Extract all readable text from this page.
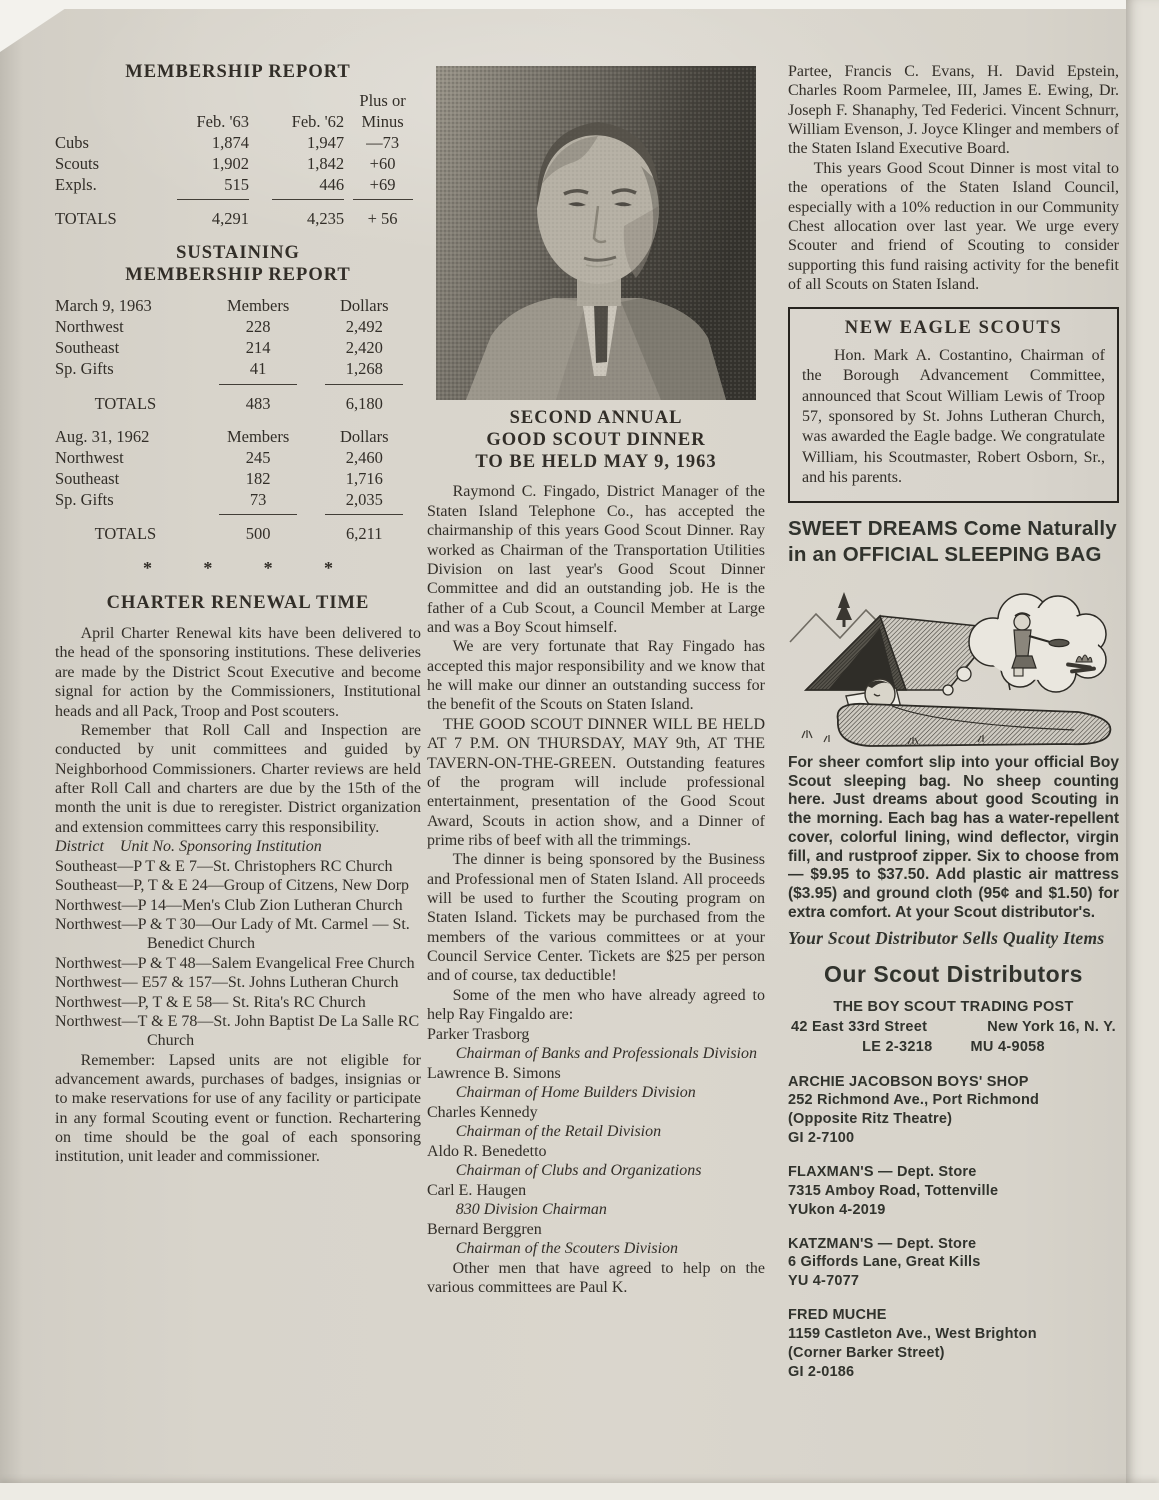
MEMBERSHIP REPORT
			Plus or
	Feb. '63	Feb. '62	Minus
Cubs	1,874	1,947	—73
Scouts	1,902	1,842	+60
Expls.	515	446	+69

TOTALS	4,291	4,235	+ 56
SUSTAINING
MEMBERSHIP REPORT
March 9, 1963	Members	Dollars
Northwest	228	2,492
Southeast	214	2,420
Sp. Gifts	41	1,268

TOTALS	483	6,180
Aug. 31, 1962	Members	Dollars
Northwest	245	2,460
Southeast	182	1,716
Sp. Gifts	73	2,035

TOTALS	500	6,211
* * * *
CHARTER RENEWAL TIME

April Charter Renewal kits have been delivered to the head of the sponsoring institutions. These deliveries are made by the District Scout Executive and become signal for action by the Commissioners, Institutional heads and all Pack, Troop and Post scouters.

Remember that Roll Call and Inspection are conducted by unit committees and guided by Neighborhood Commissioners. Charter reviews are held after Roll Call and charters are due by the 15th of the month the unit is due to reregister. District organization and extension committees carry this responsibility.

District Unit No. Sponsoring Institution
Southeast—P T & E 7—St. Christophers RC Church
Southeast—P, T & E 24—Group of Citzens, New Dorp
Northwest—P 14—Men's Club Zion Lutheran Church
Northwest—P & T 30—Our Lady of Mt. Carmel — St. Benedict Church
Northwest—P & T 48—Salem Evangelical Free Church
Northwest— E57 & 157—St. Johns Lutheran Church
Northwest—P, T & E 58— St. Rita's RC Church
Northwest—T & E 78—St. John Baptist De La Salle RC Church

Remember: Lapsed units are not eligible for advancement awards, purchases of badges, insignias or to make reservations for use of any facility or participate in any formal Scouting event or function. Rechartering on time should be the goal of each sponsoring institution, unit leader and commissioner.

SECOND ANNUAL
GOOD SCOUT DINNER
TO BE HELD MAY 9, 1963

Raymond C. Fingado, District Manager of the Staten Island Telephone Co., has accepted the chairmanship of this years Good Scout Dinner. Ray worked as Chairman of the Transportation Utilities Division on last year's Good Scout Dinner Committee and did an outstanding job. He is the father of a Cub Scout, a Council Member at Large and was a Boy Scout himself.

We are very fortunate that Ray Fingado has accepted this major responsibility and we know that he will make our dinner an outstanding success for the benefit of the Scouts on Staten Island.

THE GOOD SCOUT DINNER WILL BE HELD AT 7 P.M. ON THURSDAY, MAY 9th, AT THE TAVERN-ON-THE-GREEN. Outstanding features of the program will include professional entertainment, presentation of the Good Scout Award, Scouts in action show, and a Dinner of prime ribs of beef with all the trimmings.

The dinner is being sponsored by the Business and Professional men of Staten Island. All proceeds will be used to further the Scouting program on Staten Island. Tickets may be purchased from the members of the various committees or at your Council Service Center. Tickets are $25 per person and of course, tax deductible!

Some of the men who have already agreed to help Ray Fingaldo are:

Parker Trasborg
Chairman of Banks and Professionals Division
Lawrence B. Simons
Chairman of Home Builders Division
Charles Kennedy
Chairman of the Retail Division
Aldo R. Benedetto
Chairman of Clubs and Organizations
Carl E. Haugen
830 Division Chairman
Bernard Berggren
Chairman of the Scouters Division

Other men that have agreed to help on the various committees are Paul K.

Partee, Francis C. Evans, H. David Epstein, Charles Room Parmelee, III, James E. Ewing, Dr. Joseph F. Shanaphy, Ted Federici. Vincent Schnurr, William Evenson, J. Joyce Klinger and members of the Staten Island Executive Board.

This years Good Scout Dinner is most vital to the operations of the Staten Island Council, especially with a 10% reduction in our Community Chest allocation over last year. We urge every Scouter and friend of Scouting to consider supporting this fund raising activity for the benefit of all Scouts on Staten Island.

NEW EAGLE SCOUTS

Hon. Mark A. Costantino, Chairman of the Borough Advancement Committee, announced that Scout William Lewis of Troop 57, sponsored by St. Johns Lutheran Church, was awarded the Eagle badge. We congratulate William, his Scoutmaster, Robert Osborn, Sr., and his parents.

SWEET DREAMS Come Naturally
in an OFFICIAL SLEEPING BAG
For sheer comfort slip into your official Boy Scout sleeping bag. No sheep counting here. Just dreams about good Scouting in the morning. Each bag has a water-repellent cover, colorful lining, wind deflector, virgin fill, and rustproof zipper. Six to choose from — $9.95 to $37.50. Add plastic air mattress ($3.95) and ground cloth (95¢ and $1.50) for extra comfort. At your Scout distributor's.
Your Scout Distributor Sells Quality Items
Our Scout Distributors
THE BOY SCOUT TRADING POST
42 East 33rd Street	New York 16, N. Y.
LE 2-3218	MU 4-9058
ARCHIE JACOBSON BOYS' SHOP
252 Richmond Ave., Port Richmond
(Opposite Ritz Theatre)
GI 2-7100
FLAXMAN'S — Dept. Store
7315 Amboy Road, Tottenville
YUkon 4-2019
KATZMAN'S — Dept. Store
6 Giffords Lane, Great Kills
YU 4-7077
FRED MUCHE
1159 Castleton Ave., West Brighton
(Corner Barker Street)
GI 2-0186
